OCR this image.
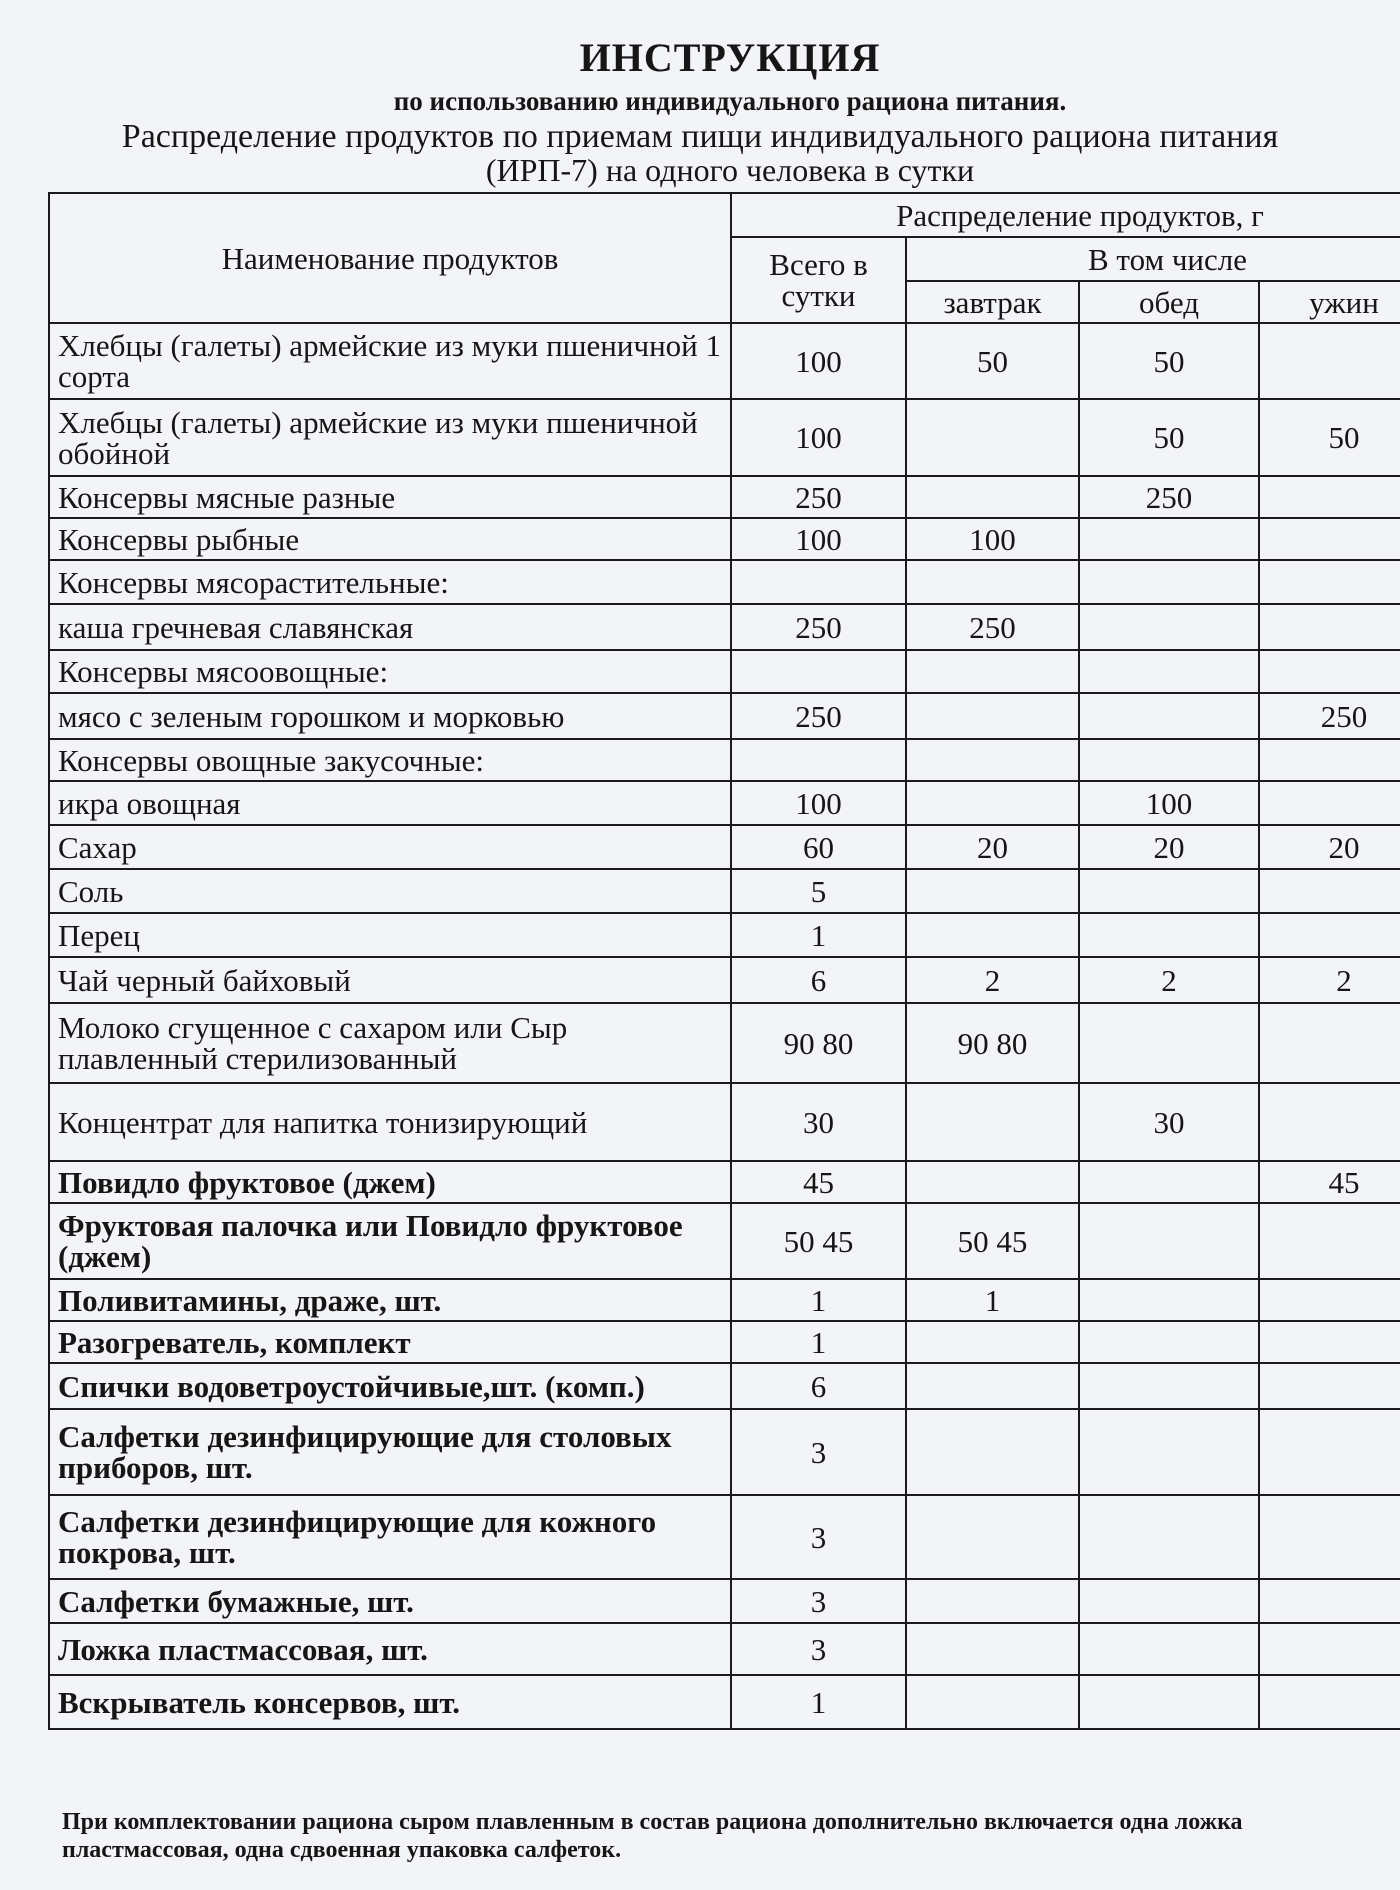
ИНСТРУКЦИЯ
по использованию индивидуального рациона питания.
Распределение продуктов по приемам пищи индивидуального рациона питания
(ИРП-7) на одного человека в сутки
Наименование продуктов	Распределение продуктов, г			
	Всего в сутки	В том числе		
		завтрак	обед	ужин
Хлебцы (галеты) армейские из муки пшеничной 1 сорта	100	50	50	
Хлебцы (галеты) армейские из муки пшеничной обойной	100		50	50
Консервы мясные разные	250		250	
Консервы рыбные	100	100		
Консервы мясорастительные:				
каша гречневая славянская	250	250		
Консервы мясоовощные:				
мясо с зеленым горошком и морковью	250			250
Консервы овощные закусочные:				
икра овощная	100		100	
Сахар	60	20	20	20
Соль	5			
Перец	1			
Чай черный байховый	6	2	2	2
Молоко сгущенное с сахаром или Сыр плавленный стерилизованный	90 80	90 80		
Концентрат для напитка тонизирующий	30		30	
Повидло фруктовое (джем)	45			45
Фруктовая палочка или Повидло фруктовое (джем)	50 45	50 45		
Поливитамины, драже, шт.	1	1		
Разогреватель, комплект	1			
Спички водоветроустойчивые,шт. (комп.)	6			
Салфетки дезинфицирующие для столовых приборов, шт.	3			
Салфетки дезинфицирующие для кожного покрова, шт.	3			
Салфетки бумажные, шт.	3			
Ложка пластмассовая, шт.	3			
Вскрыватель консервов, шт.	1			
При комплектовании рациона сыром плавленным в состав рациона дополнительно включается одна ложка пластмассовая, одна сдвоенная упаковка салфеток.
